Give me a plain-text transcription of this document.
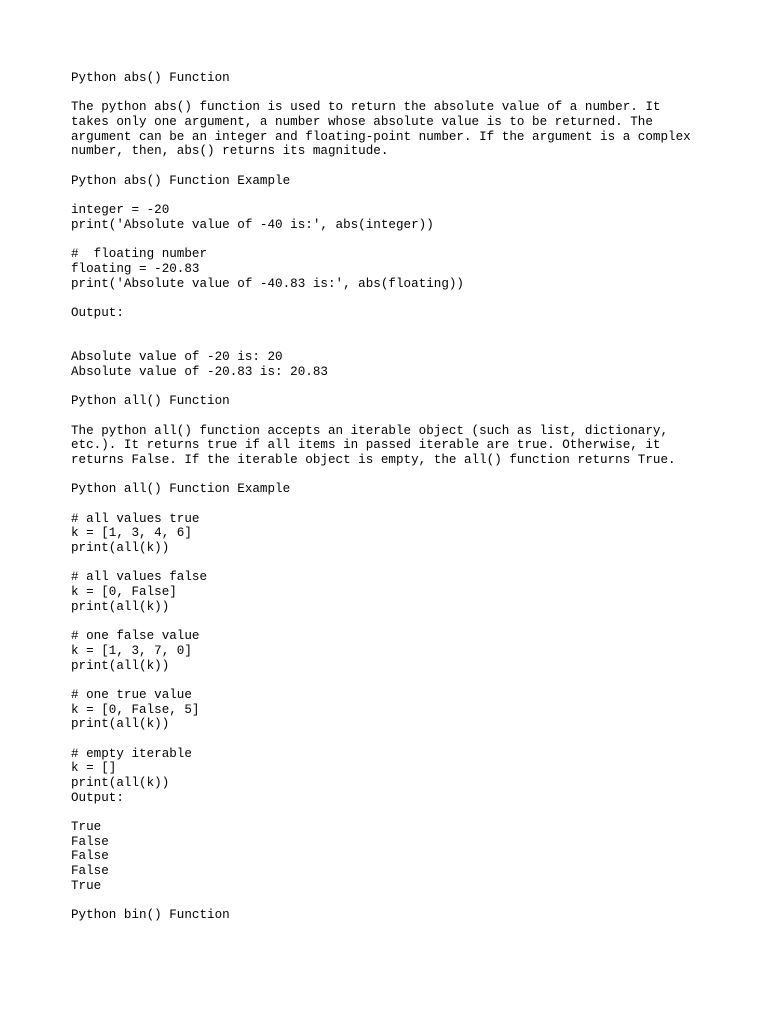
Python abs() Function
The python abs() function is used to return the absolute value of a number. It
takes only one argument, a number whose absolute value is to be returned. The
argument can be an integer and floating-point number. If the argument is a complex
number, then, abs() returns its magnitude.
Python abs() Function Example
integer = -20
print('Absolute value of -40 is:', abs(integer))
#  floating number
floating = -20.83
print('Absolute value of -40.83 is:', abs(floating))
Output:
Absolute value of -20 is: 20
Absolute value of -20.83 is: 20.83
Python all() Function
The python all() function accepts an iterable object (such as list, dictionary,
etc.). It returns true if all items in passed iterable are true. Otherwise, it
returns False. If the iterable object is empty, the all() function returns True.
Python all() Function Example
# all values true
k = [1, 3, 4, 6]
print(all(k))
# all values false
k = [0, False]
print(all(k))
# one false value
k = [1, 3, 7, 0]
print(all(k))
# one true value
k = [0, False, 5]
print(all(k))
# empty iterable
k = []
print(all(k))
Output:
True
False
False
False
True
Python bin() Function
